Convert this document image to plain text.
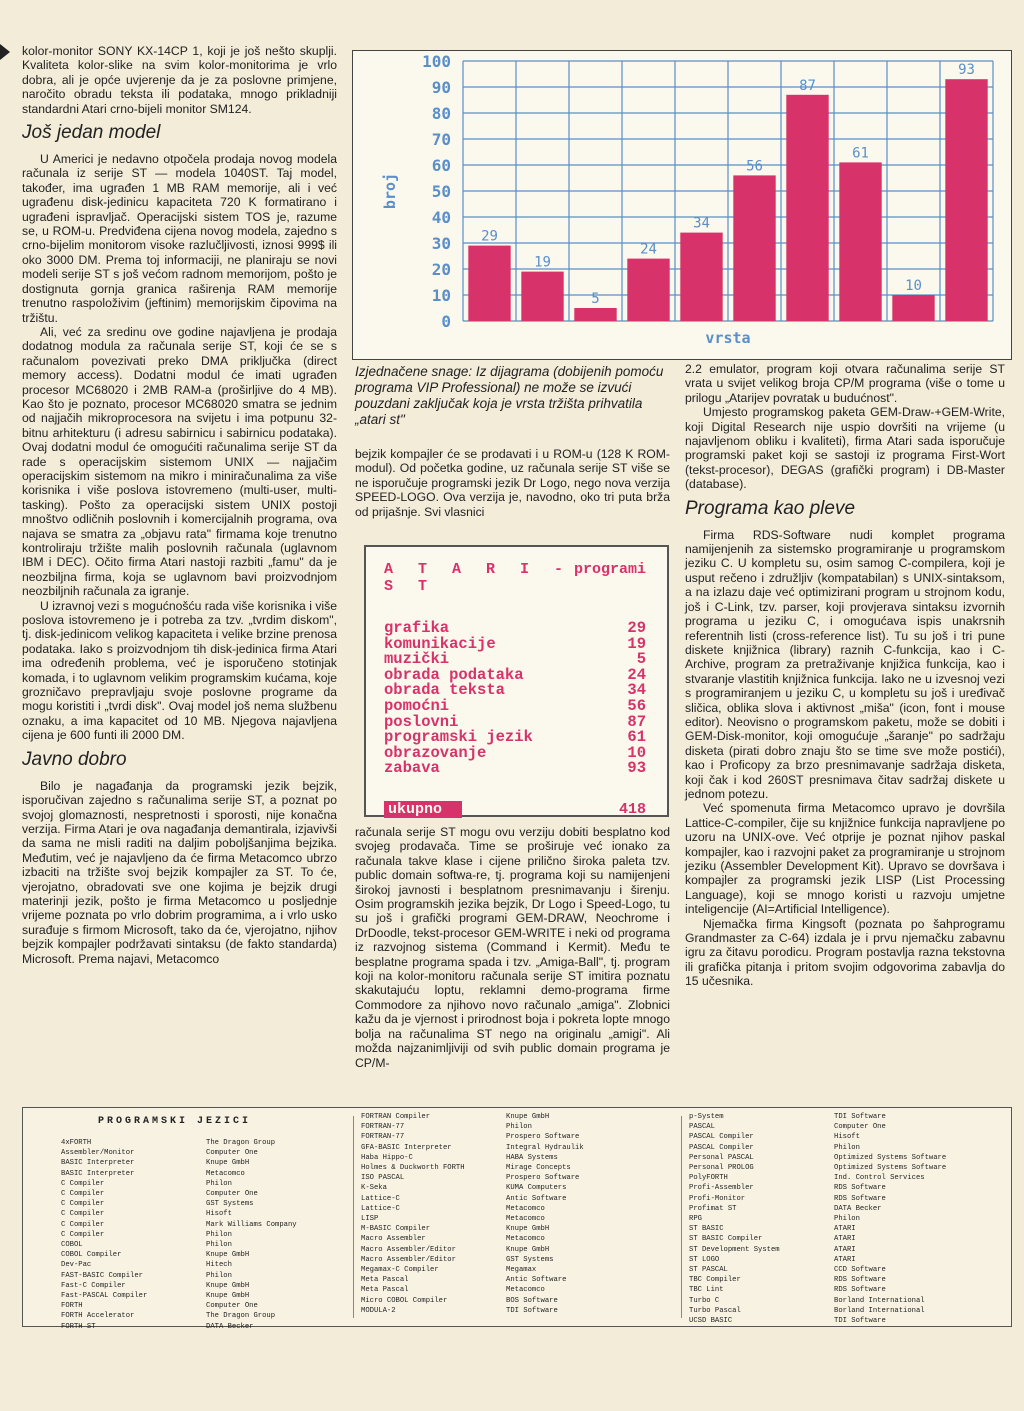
kolor-monitor SONY KX-14CP 1, koji je još nešto skuplji. Kvaliteta kolor-slike na svim kolor-monitorima je vrlo dobra, ali je opće uvjerenje da je za poslovne primjene, naročito obradu teksta ili podataka, mnogo prikladniji standardni Atari crno-bijeli monitor SM124.

Još jedan model

U Americi je nedavno otpočela prodaja novog modela računala iz serije ST — modela 1040ST. Taj model, također, ima ugrađen 1 MB RAM memorije, ali i već ugrađenu disk-jedinicu kapaciteta 720 K formatirano i ugrađeni ispravljač. Operacijski sistem TOS je, razume se, u ROM-u. Predviđena cijena novog modela, zajedno s crno-bijelim monitorom visoke razlučljivosti, iznosi 999$ ili oko 3000 DM. Prema toj informaciji, ne planiraju se novi modeli serije ST s još većom radnom memorijom, pošto je dostignuta gornja granica raširenja RAM memorije trenutno raspoloživim (jeftinim) memorijskim čipovima na tržištu.

Ali, već za sredinu ove godine najavljena je prodaja dodatnog modula za računala serije ST, koji će se s računalom povezivati preko DMA priključka (direct memory access). Dodatni modul će imati ugrađen procesor MC68020 i 2MB RAM-a (proširljive do 4 MB). Kao što je poznato, procesor MC68020 smatra se jednim od najjačih mikroprocesora na svijetu i ima potpunu 32-bitnu arhitekturu (i adresu sabirnicu i sabirnicu podataka). Ovaj dodatni modul će omogućiti računalima serije ST da rade s operacijskim sistemom UNIX — najjačim operacijskim sistemom na mikro i miniračunalima za više korisnika i više poslova istovremeno (multi-user, multi-tasking). Pošto za operacijski sistem UNIX postoji mnoštvo odličnih poslovnih i komercijalnih programa, ova najava se smatra za „objavu rata" firmama koje trenutno kontroliraju tržište malih poslovnih računala (uglavnom IBM i DEC). Očito firma Atari nastoji razbiti „famu" da je neozbiljna firma, koja se uglavnom bavi proizvodnjom neozbiljnih računala za igranje.

U izravnoj vezi s mogućnošću rada više korisnika i više poslova istovremeno je i potreba za tzv. „tvrdim diskom", tj. disk-jedinicom velikog kapaciteta i velike brzine prenosa podataka. Iako s proizvodnjom tih disk-jedinica firma Atari ima određenih problema, već je isporučeno stotinjak komada, i to uglavnom velikim programskim kućama, koje grozničavo prepravljaju svoje poslovne programe da mogu koristiti i „tvrdi disk". Ovaj model još nema službenu oznaku, a ima kapacitet od 10 MB. Njegova najavljena cijena je 600 funti ili 2000 DM.

Javno dobro

Bilo je nagađanja da programski jezik bejzik, isporučivan zajedno s računalima serije ST, a poznat po svojoj glomaznosti, nespretnosti i sporosti, nije konačna verzija. Firma Atari je ova nagađanja demantirala, izjavivši da sama ne misli raditi na daljim poboljšanjima bejzika. Međutim, već je najavljeno da će firma Metacomco ubrzo izbaciti na tržište svoj bejzik kompajler za ST. To će, vjerojatno, obradovati sve one kojima je bejzik drugi materinji jezik, pošto je firma Metacomco u posljednje vrijeme poznata po vrlo dobrim programima, a i vrlo usko surađuje s firmom Microsoft, tako da će, vjerojatno, njihov bejzik kompajler podržavati sintaksu (de fakto standarda) Microsoft. Prema najavi, Metacomco

0
10
20
30
40
50
60
70
80
90
100
29
19
5
24
34
56
87
61
10
93
vrsta
broj
Izjednačene snage: Iz dijagrama (dobijenih pomoću programa VIP Professional) ne može se izvući pouzdani zaključak koja je vrsta tržišta prihvatila „atari st"

bejzik kompajler će se prodavati i u ROM-u (128 K ROM-modul). Od početka godine, uz računala serije ST više se ne isporučuje programski jezik Dr Logo, nego nova verzija SPEED-LOGO. Ova verzija je, navodno, oko tri puta brža od prijašnje. Svi vlasnici

A T A R I - S T
programi
grafika	29
komunikacije	19
muzički	5
obrada podataka	24
obrada teksta	34
pomoćni	56
poslovni	87
programski jezik	61
obrazovanje	10
zabava	93
ukupno	418

računala serije ST mogu ovu verziju dobiti besplatno kod svojeg prodavača. Time se proširuje već ionako za računala takve klase i cijene prilično široka paleta tzv. public domain softwa-re, tj. programa koji su namijenjeni širokoj javnosti i besplatnom presnimavanju i širenju. Osim programskih jezika bejzik, Dr Logo i Speed-Logo, tu su još i grafički programi GEM-DRAW, Neochrome i DrDoodle, tekst-procesor GEM-WRITE i neki od programa iz razvojnog sistema (Command i Kermit). Među te besplatne programa spada i tzv. „Amiga-Ball", tj. program koji na kolor-monitoru računala serije ST imitira poznatu skakutajuću loptu, reklamni demo-programa firme Commodore za njihovo novo računalo „amiga". Zlobnici kažu da je vjernost i prirodnost boja i pokreta lopte mnogo bolja na računalima ST nego na originalu „amigi". Ali možda najzanimljiviji od svih public domain programa je CP/M-

2.2 emulator, program koji otvara računalima serije ST vrata u svijet velikog broja CP/M programa (više o tome u prilogu „Atarijev povratak u budućnost".

Umjesto programskog paketa GEM-Draw-+GEM-Write, koji Digital Research nije uspio dovršiti na vrijeme (u najavljenom obliku i kvaliteti), firma Atari sada isporučuje programski paket koji se sastoji iz programa First-Wort (tekst-procesor), DEGAS (grafički program) i DB-Master (database).

Programa kao pleve

Firma RDS-Software nudi komplet programa namijenjenih za sistemsko programiranje u programskom jeziku C. U kompletu su, osim samog C-compilera, koji je usput rečeno i združljiv (kompatabilan) s UNIX-sintaksom, a na izlazu daje već optimizirani program u strojnom kodu, još i C-Link, tzv. parser, koji provjerava sintaksu izvornih programa u jeziku C, i omogućava ispis unakrsnih referentnih listi (cross-reference list). Tu su još i tri pune diskete knjižnica (library) raznih C-funkcija, kao i C-Archive, program za pretraživanje knjižica funkcija, kao i stvaranje vlastitih knjižnica funkcija. Iako ne u izvesnoj vezi s programiranjem u jeziku C, u kompletu su još i uređivač sličica, oblika slova i aktivnost „miša" (icon, font i mouse editor). Neovisno o programskom paketu, može se dobiti i GEM-Disk-monitor, koji omogućuje „šaranje" po sadržaju disketa (pirati dobro znaju što se time sve može postići), kao i Proficopy za brzo presnimavanje sadržaja disketa, koji čak i kod 260ST presnimava čitav sadržaj diskete u jednom potezu.

Već spomenuta firma Metacomco upravo je dovršila Lattice-C-compiler, čije su knjižnice funkcija napravljene po uzoru na UNIX-ove. Već otprije je poznat njihov paskal kompajler, kao i razvojni paket za programiranje u strojnom jeziku (Assembler Development Kit). Upravo se dovršava i kompajler za programski jezik LISP (List Processing Language), koji se mnogo koristi u razvoju umjetne inteligencije (AI=Artificial Intelligence).

Njemačka firma Kingsoft (poznata po šahprogramu Grandmaster za C-64) izdala je i prvu njemačku zabavnu igru za čitavu porodicu. Program postavlja razna tekstovna ili grafička pitanja i pritom svojim odgovorima zabavlja do 15 učesnika.

PROGRAMSKI JEZICI
4xFORTH	The Dragon Group
Assembler/Monitor	Computer One
BASIC Interpreter	Knupe GmbH
BASIC Interpreter	Metacomco
C Compiler	Philon
C Compiler	Computer One
C Compiler	GST Systems
C Compiler	Hisoft
C Compiler	Mark Williams Company
C Compiler	Philon
COBOL	Philon
COBOL Compiler	Knupe GmbH
Dev-Pac	Hitech
FAST-BASIC Compiler	Philon
Fast-C Compiler	Knupe GmbH
Fast-PASCAL Compiler	Knupe GmbH
FORTH	Computer One
FORTH Accelerator	The Dragon Group
FORTH ST	DATA Becker
FORTRAN Compiler	Knupe GmbH
FORTRAN-77	Philon
FORTRAN-77	Prospero Software
GFA-BASIC Interpreter	Integral Hydraulik
Haba Hippo-C	HABA Systems
Holmes & Duckworth FORTH	Mirage Concepts
ISO PASCAL	Prospero Software
K-Seka	KUMA Computers
Lattice-C	Antic Software
Lattice-C	Metacomco
LISP	Metacomco
M-BASIC Compiler	Knupe GmbH
Macro Assembler	Metacomco
Macro Assembler/Editor	Knupe GmbH
Macro Assembler/Editor	GST Systems
Megamax-C Compiler	Megamax
Meta Pascal	Antic Software
Meta Pascal	Metacomco
Micro COBOL Compiler	BOS Software
MODULA-2	TDI Software
p-System	TDI Software
PASCAL	Computer One
PASCAL Compiler	Hisoft
PASCAL Compiler	Philon
Personal PASCAL	Optimized Systems Software
Personal PROLOG	Optimized Systems Software
PolyFORTH	Ind. Control Services
Profi-Assembler	RDS Software
Profi-Monitor	RDS Software
Profimat ST	DATA Becker
RPG	Philon
ST BASIC	ATARI
ST BASIC Compiler	ATARI
ST Development System	ATARI
ST LOGO	ATARI
ST PASCAL	CCD Software
TBC Compiler	RDS Software
TBC Lint	RDS Software
Turbo C	Borland International
Turbo Pascal	Borland International
UCSD BASIC	TDI Software
